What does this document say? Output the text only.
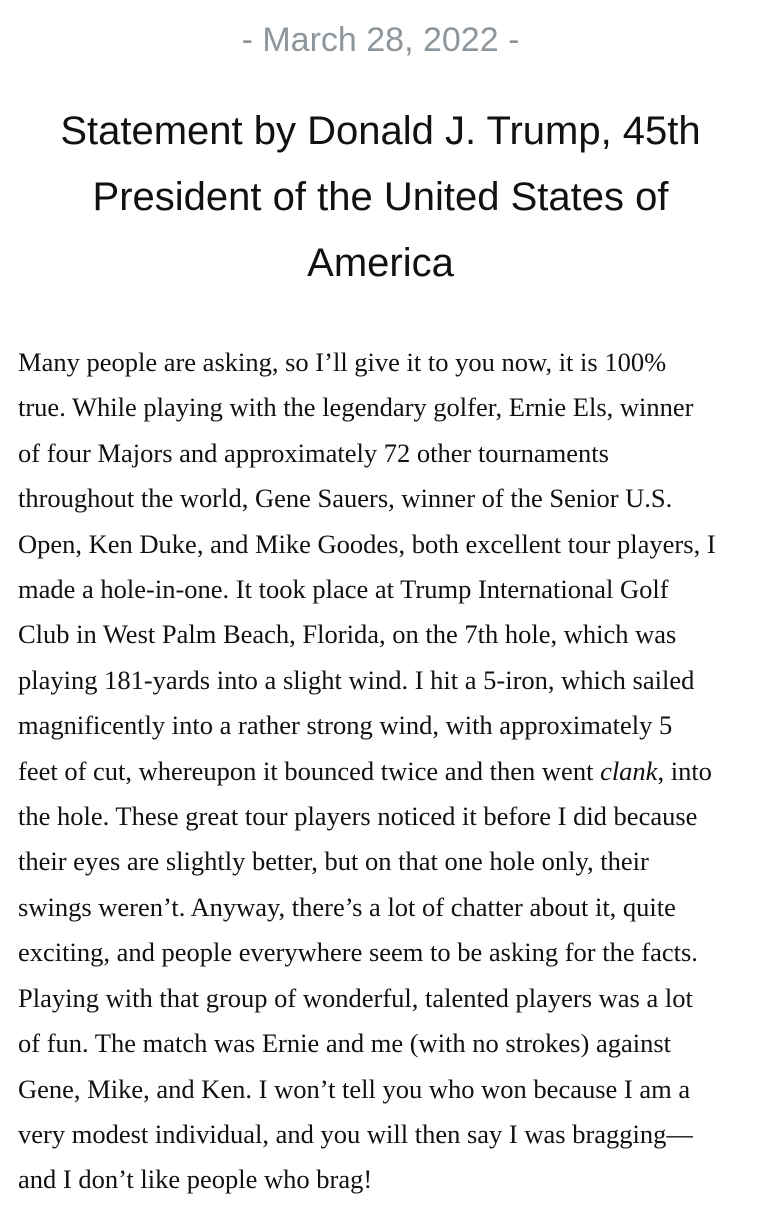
- March 28, 2022 -
Statement by Donald J. Trump, 45th
President of the United States of
America
Many people are asking, so I’ll give it to you now, it is 100%
true. While playing with the legendary golfer, Ernie Els, winner
of four Majors and approximately 72 other tournaments
throughout the world, Gene Sauers, winner of the Senior U.S.
Open, Ken Duke, and Mike Goodes, both excellent tour players, I
made a hole-in-one. It took place at Trump International Golf
Club in West Palm Beach, Florida, on the 7th hole, which was
playing 181-yards into a slight wind. I hit a 5-iron, which sailed
magnificently into a rather strong wind, with approximately 5
feet of cut, whereupon it bounced twice and then went clank, into
the hole. These great tour players noticed it before I did because
their eyes are slightly better, but on that one hole only, their
swings weren’t. Anyway, there’s a lot of chatter about it, quite
exciting, and people everywhere seem to be asking for the facts.
Playing with that group of wonderful, talented players was a lot
of fun. The match was Ernie and me (with no strokes) against
Gene, Mike, and Ken. I won’t tell you who won because I am a
very modest individual, and you will then say I was bragging—
and I don’t like people who brag!
